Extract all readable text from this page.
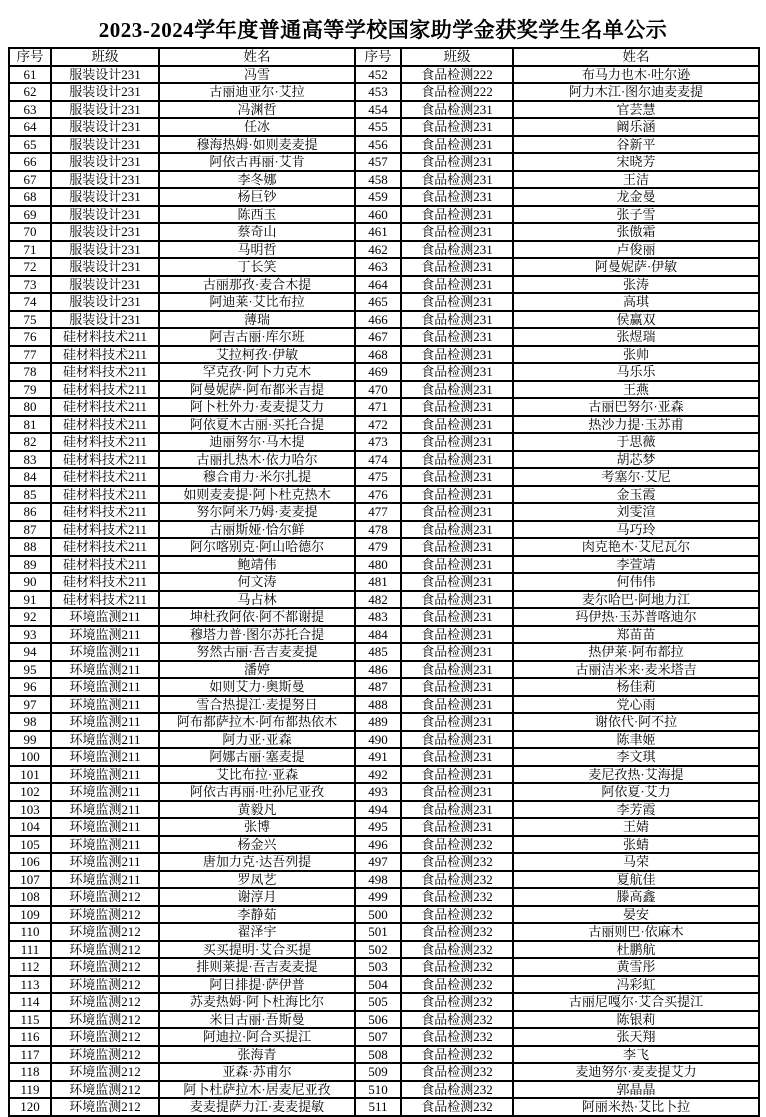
2023-2024学年度普通高等学校国家助学金获奖学生名单公示
序号	班级	姓名	序号	班级	姓名
61	服装设计231	冯雪	452	食品检测222	布马力也木·吐尔逊
62	服装设计231	古丽迪亚尔·艾拉	453	食品检测222	阿力木江·图尔迪麦麦提
63	服装设计231	冯渊哲	454	食品检测231	官芸慧
64	服装设计231	任冰	455	食品检测231	阚乐涵
65	服装设计231	穆海热姆·如则麦麦提	456	食品检测231	谷新平
66	服装设计231	阿依古再丽·艾肯	457	食品检测231	宋晓芳
67	服装设计231	李冬娜	458	食品检测231	王洁
68	服装设计231	杨巨钞	459	食品检测231	龙金曼
69	服装设计231	陈西玉	460	食品检测231	张子雪
70	服装设计231	蔡奇山	461	食品检测231	张傲霜
71	服装设计231	马明哲	462	食品检测231	卢俊丽
72	服装设计231	丁长笑	463	食品检测231	阿曼妮萨·伊敏
73	服装设计231	古丽那孜·麦合木提	464	食品检测231	张涛
74	服装设计231	阿迪莱·艾比布拉	465	食品检测231	高琪
75	服装设计231	薄瑞	466	食品检测231	侯赢双
76	硅材料技术211	阿吉古丽·库尔班	467	食品检测231	张煜瑞
77	硅材料技术211	艾拉柯孜·伊敏	468	食品检测231	张帅
78	硅材料技术211	罕克孜·阿卜力克木	469	食品检测231	马乐乐
79	硅材料技术211	阿曼妮萨·阿布都米吉提	470	食品检测231	王燕
80	硅材料技术211	阿卜杜外力·麦麦提艾力	471	食品检测231	古丽巴努尔·亚森
81	硅材料技术211	阿依夏木古丽·买托合提	472	食品检测231	热沙力提·玉苏甫
82	硅材料技术211	迪丽努尔·马木提	473	食品检测231	于思薇
83	硅材料技术211	古丽扎热木·依力哈尔	474	食品检测231	胡芯梦
84	硅材料技术211	穆合甫力·米尔扎提	475	食品检测231	考塞尔·艾尼
85	硅材料技术211	如则麦麦提·阿卜杜克热木	476	食品检测231	金玉霞
86	硅材料技术211	努尔阿米乃姆·麦麦提	477	食品检测231	刘雯渲
87	硅材料技术211	古丽斯娅·恰尔鲜	478	食品检测231	马巧玲
88	硅材料技术211	阿尔喀别克·阿山哈德尔	479	食品检测231	肉克艳木·艾尼瓦尔
89	硅材料技术211	鲍靖伟	480	食品检测231	李萱靖
90	硅材料技术211	何文涛	481	食品检测231	何伟伟
91	硅材料技术211	马占林	482	食品检测231	麦尔哈巴·阿地力江
92	环境监测211	坤杜孜阿依·阿不都谢提	483	食品检测231	玛伊热·玉苏普喀迪尔
93	环境监测211	穆塔力普·图尔苏托合提	484	食品检测231	郑苗苗
94	环境监测211	努然古丽·吾吉麦麦提	485	食品检测231	热伊莱·阿布都拉
95	环境监测211	潘婷	486	食品检测231	古丽洁米来·麦米塔吉
96	环境监测211	如则艾力·奥斯曼	487	食品检测231	杨佳莉
97	环境监测211	雪合热提江·麦提努日	488	食品检测231	党心雨
98	环境监测211	阿布都萨拉木·阿布都热依木	489	食品检测231	谢依代·阿不拉
99	环境监测211	阿力亚·亚森	490	食品检测231	陈聿姬
100	环境监测211	阿娜古丽·塞麦提	491	食品检测231	李文琪
101	环境监测211	艾比布拉·亚森	492	食品检测231	麦尼孜热·艾海提
102	环境监测211	阿依古再丽·吐孙尼亚孜	493	食品检测231	阿依夏·艾力
103	环境监测211	黄毅凡	494	食品检测231	李芳霞
104	环境监测211	张博	495	食品检测231	王婧
105	环境监测211	杨金兴	496	食品检测232	张蜻
106	环境监测211	唐加力克·达吾列提	497	食品检测232	马荣
107	环境监测211	罗凤艺	498	食品检测232	夏航佳
108	环境监测212	谢淳月	499	食品检测232	滕高鑫
109	环境监测212	李静茹	500	食品检测232	晏安
110	环境监测212	翟泽宇	501	食品检测232	古丽则巴·依麻木
111	环境监测212	买买提明·艾合买提	502	食品检测232	杜鹏航
112	环境监测212	排则莱提·吾吉麦麦提	503	食品检测232	黄雪彤
113	环境监测212	阿日排提·萨伊普	504	食品检测232	冯彩虹
114	环境监测212	苏麦热姆·阿卜杜海比尔	505	食品检测232	古丽尼嘎尔·艾合买提江
115	环境监测212	米日古丽·吾斯曼	506	食品检测232	陈银莉
116	环境监测212	阿迪拉·阿合买提江	507	食品检测232	张天翔
117	环境监测212	张海青	508	食品检测232	李飞
118	环境监测212	亚森·苏甫尔	509	食品检测232	麦迪努尔·麦麦提艾力
119	环境监测212	阿卜杜萨拉木·居麦尼亚孜	510	食品检测232	郭晶晶
120	环境监测212	麦麦提萨力江·麦麦提敏	511	食品检测232	阿丽米热·艾比卜拉
